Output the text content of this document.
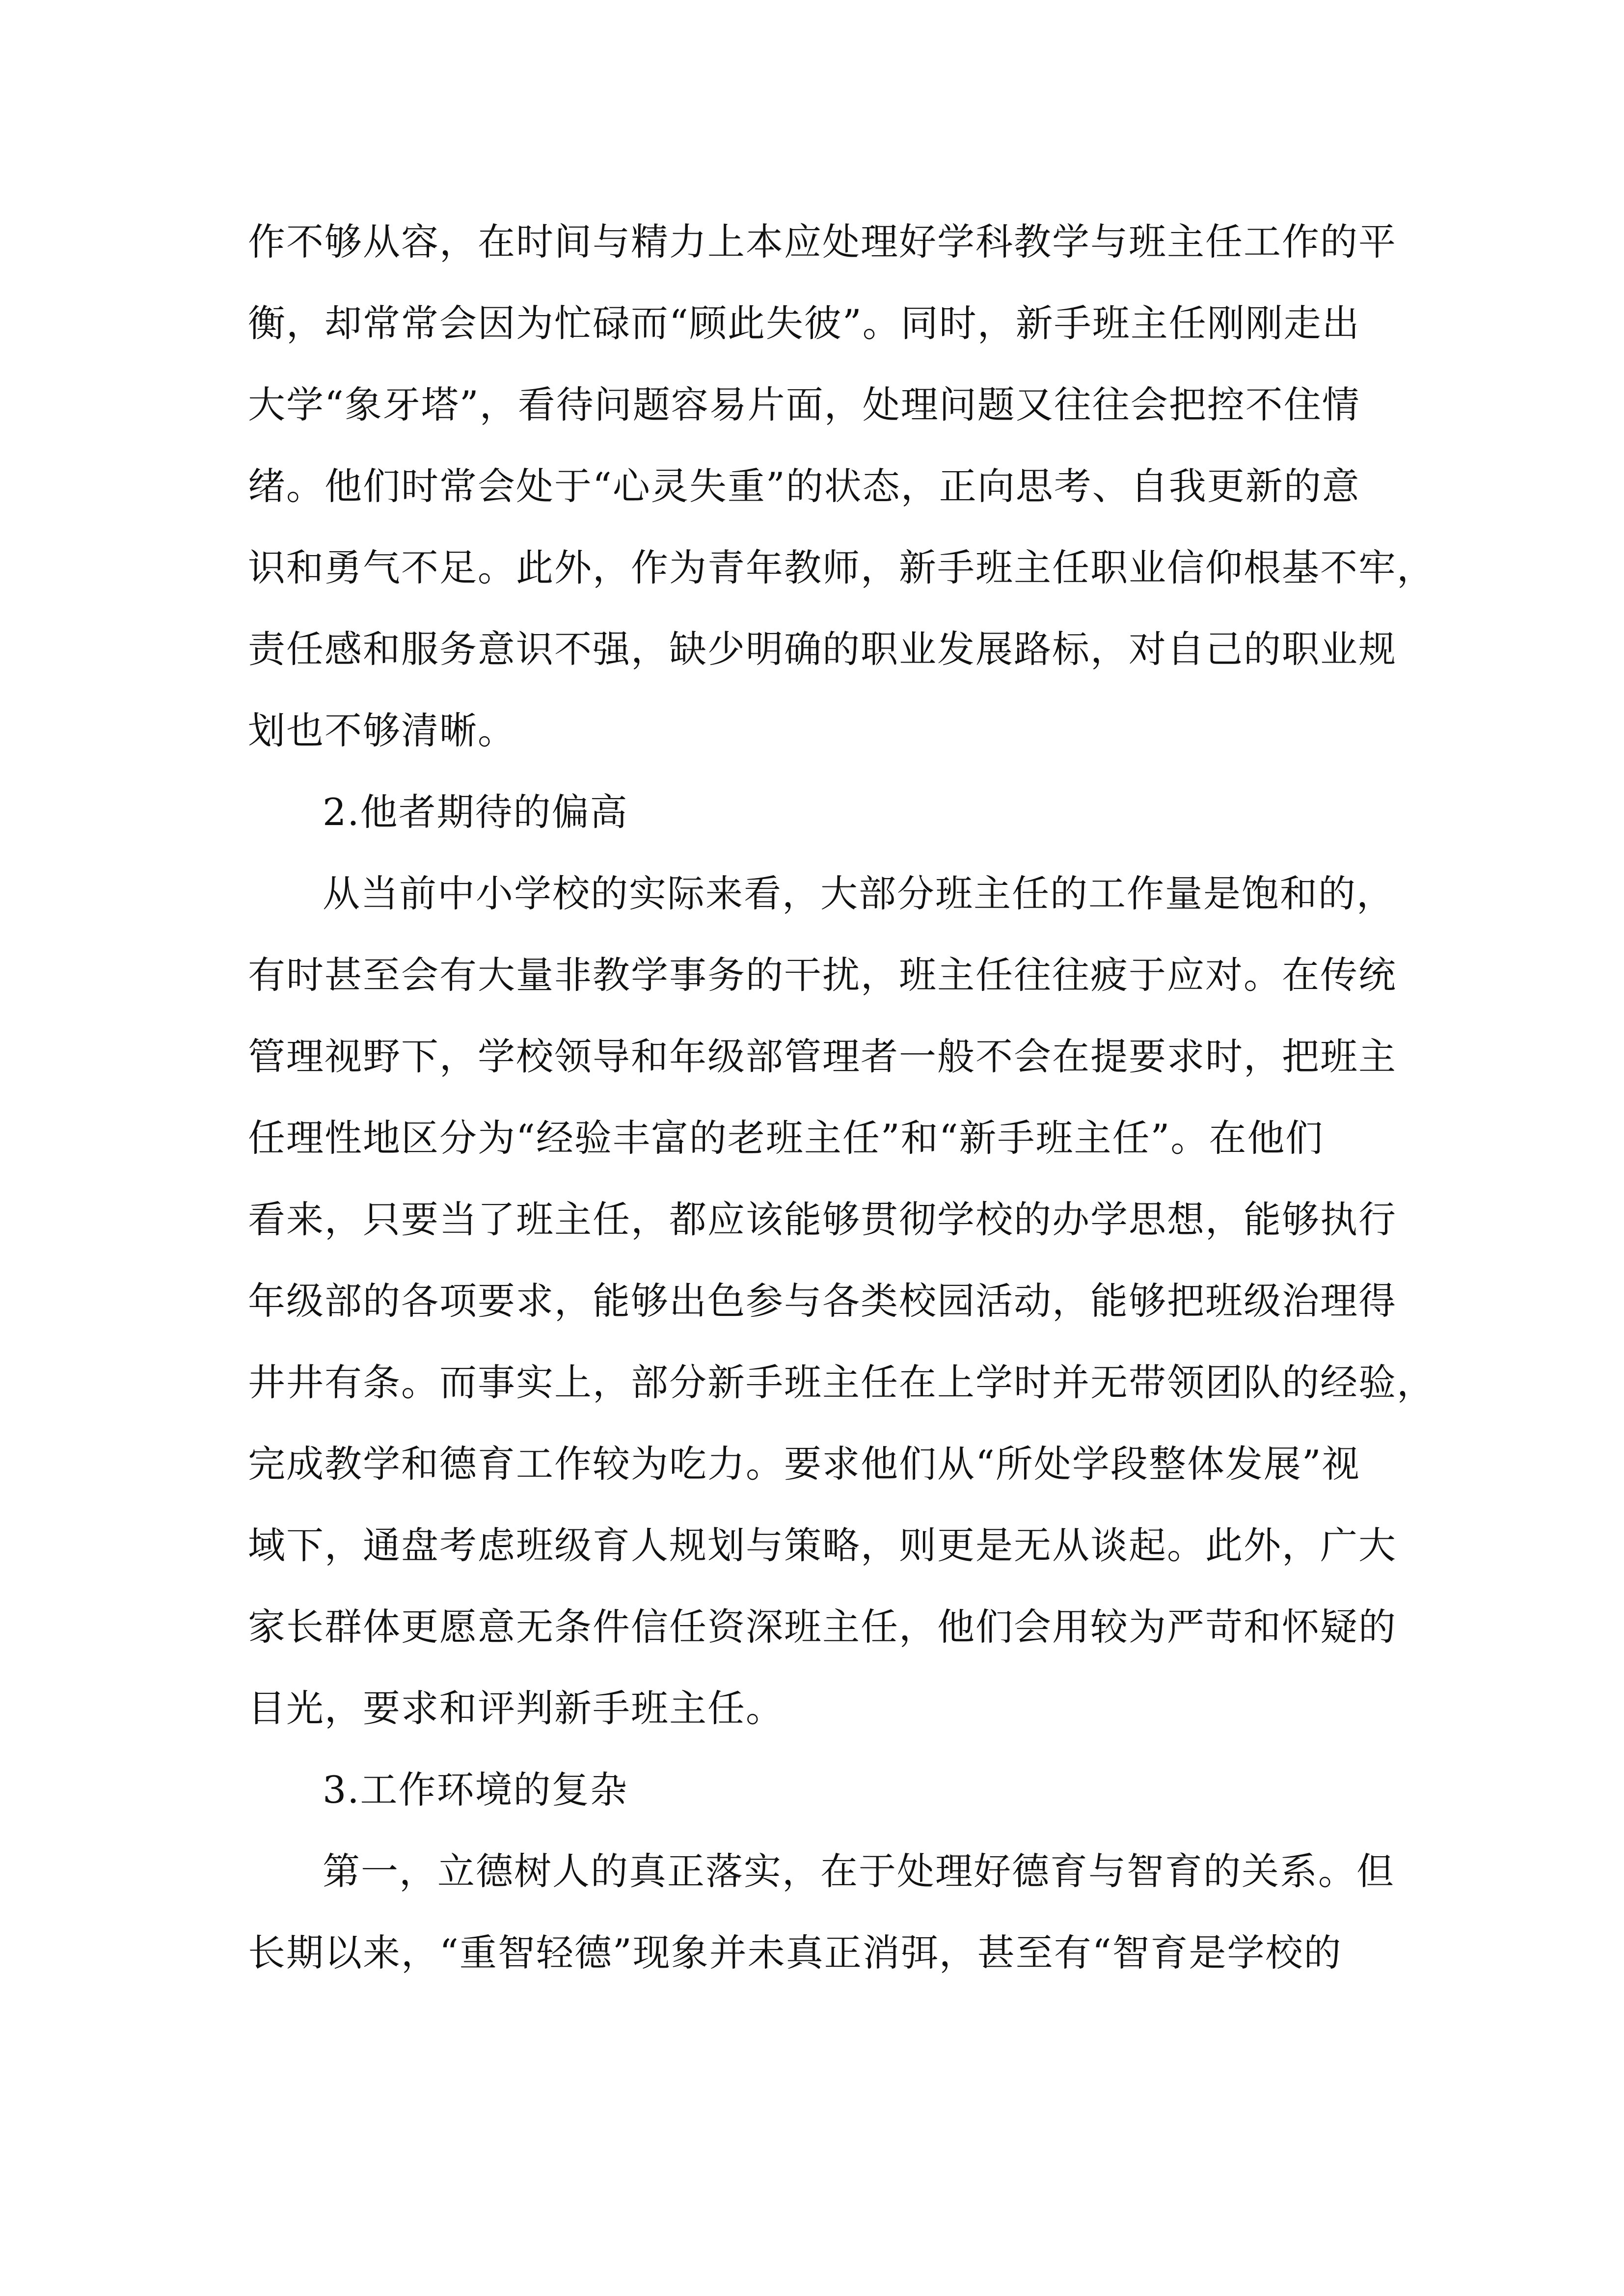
作不够从容，在时间与精力上本应处理好学科教学与班主任工作的平
衡，却常常会因为忙碌而“顾此失彼”。同时，新手班主任刚刚走出
大学“象牙塔”，看待问题容易片面，处理问题又往往会把控不住情
绪。他们时常会处于“心灵失重”的状态，正向思考、自我更新的意
识和勇气不足。此外，作为青年教师，新手班主任职业信仰根基不牢，
责任感和服务意识不强，缺少明确的职业发展路标，对自己的职业规
划也不够清晰。
2.他者期待的偏高
从当前中小学校的实际来看，大部分班主任的工作量是饱和的，
有时甚至会有大量非教学事务的干扰，班主任往往疲于应对。在传统
管理视野下，学校领导和年级部管理者一般不会在提要求时，把班主
任理性地区分为“经验丰富的老班主任”和“新手班主任”。在他们
看来，只要当了班主任，都应该能够贯彻学校的办学思想，能够执行
年级部的各项要求，能够出色参与各类校园活动，能够把班级治理得
井井有条。而事实上，部分新手班主任在上学时并无带领团队的经验，
完成教学和德育工作较为吃力。要求他们从“所处学段整体发展”视
域下，通盘考虑班级育人规划与策略，则更是无从谈起。此外，广大
家长群体更愿意无条件信任资深班主任，他们会用较为严苛和怀疑的
目光，要求和评判新手班主任。
3.工作环境的复杂
第一，立德树人的真正落实，在于处理好德育与智育的关系。但
长期以来，“重智轻德”现象并未真正消弭，甚至有“智育是学校的
